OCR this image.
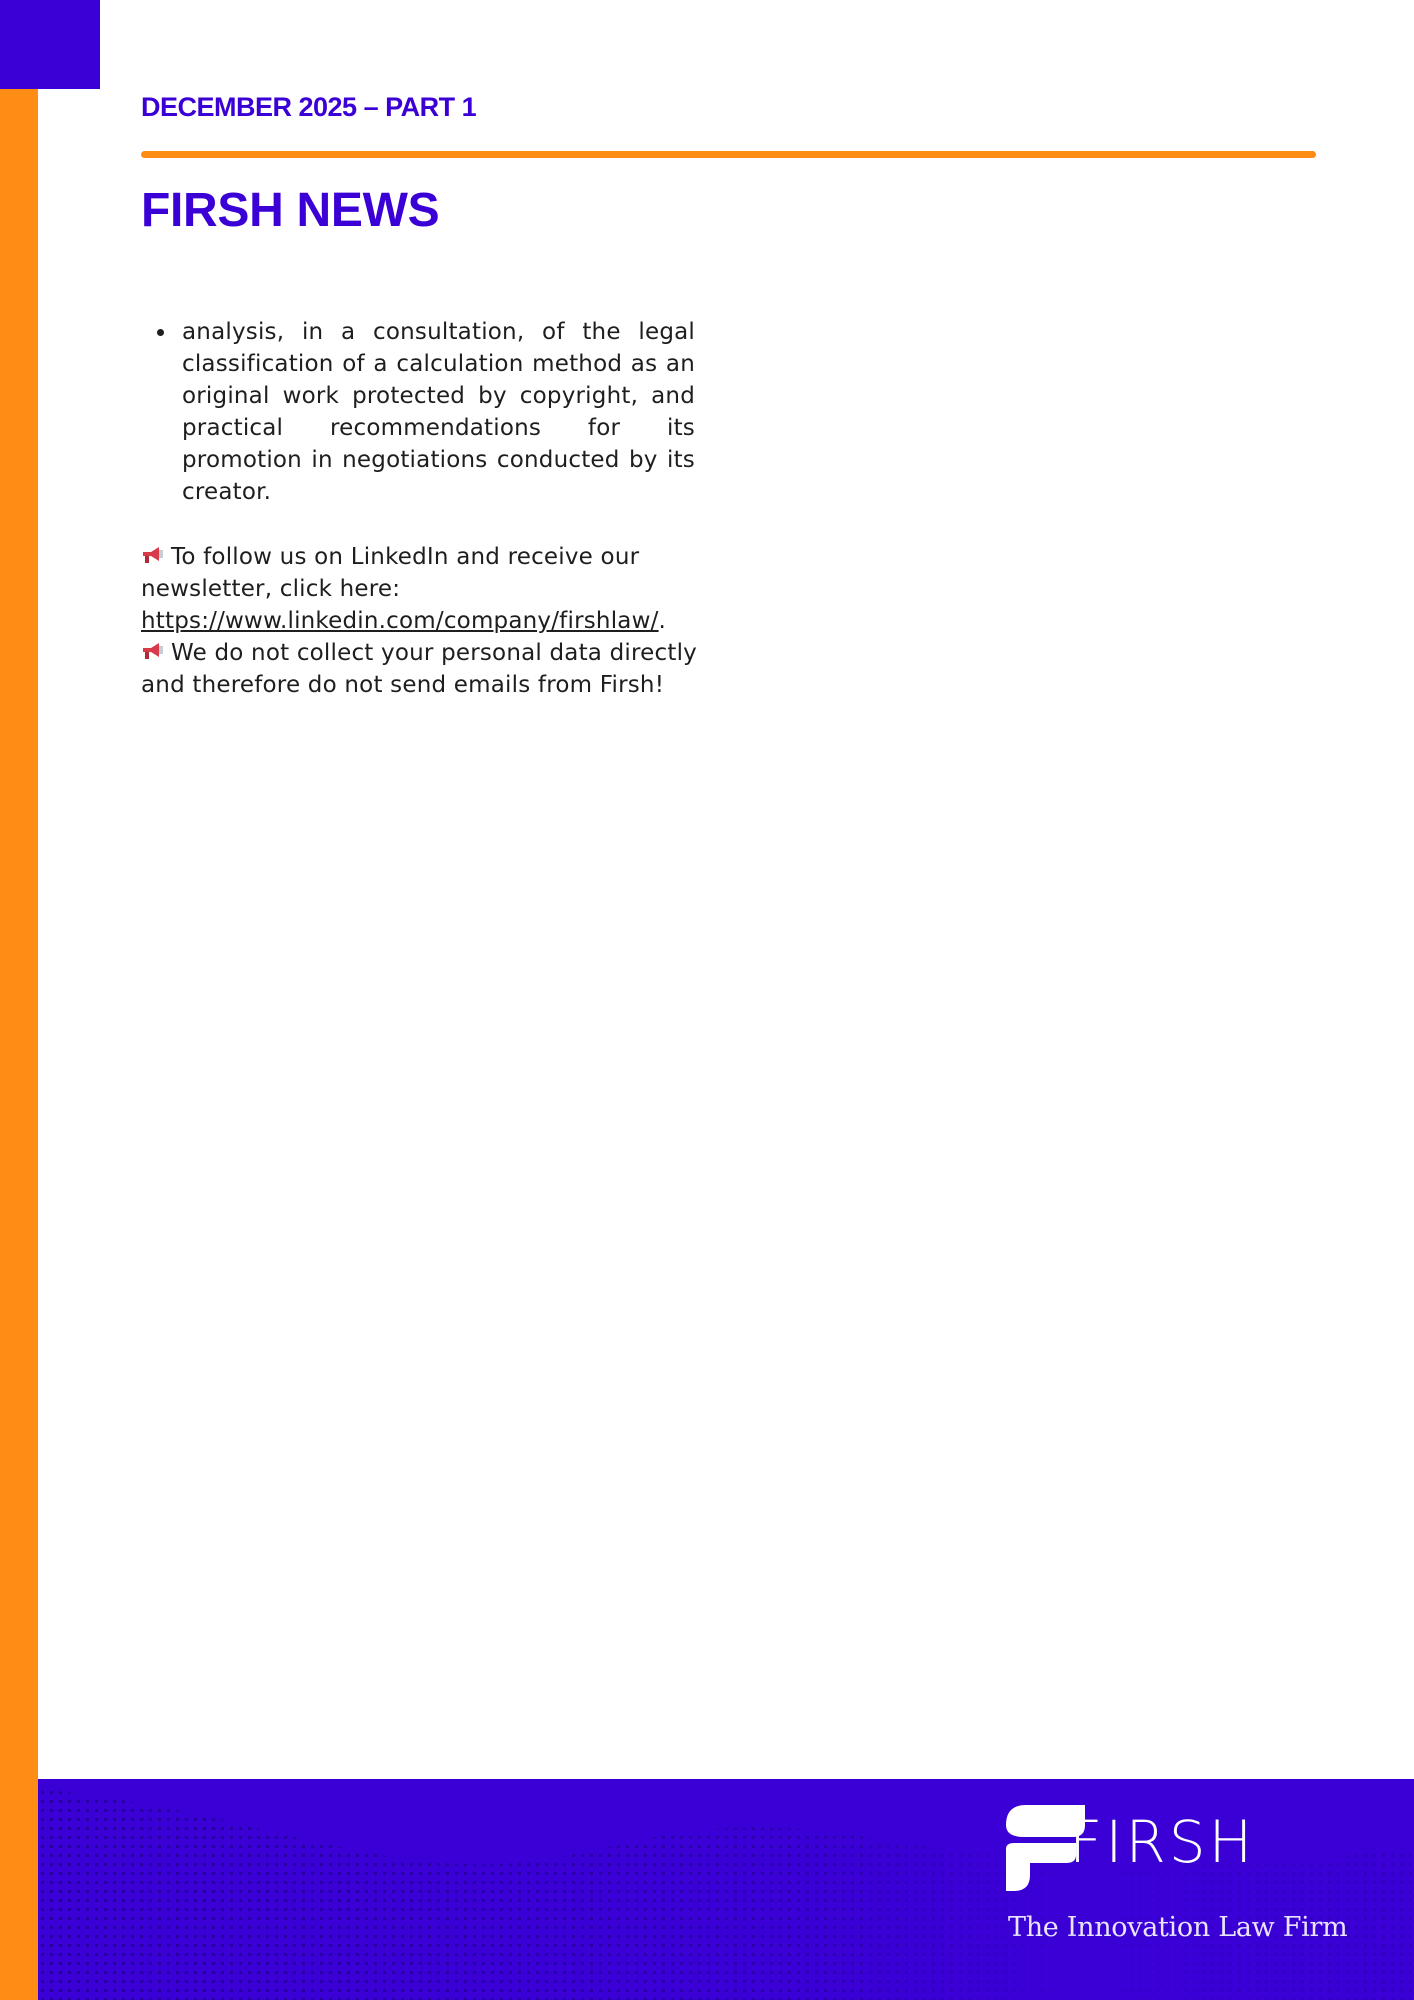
DECEMBER 2025 – PART 1

FIRSH NEWS
analysis, in a consultation, of the legal classification of a calculation method as an original work protected by copyright, and practical recommendations for its promotion in negotiations conducted by its creator.

To follow us on LinkedIn and receive our newsletter, click here:
https://www.linkedin.com/company/firshlaw/.

We do not collect your personal data directly and therefore do not send emails from Firsh!

FIRSH

The Innovation Law Firm
